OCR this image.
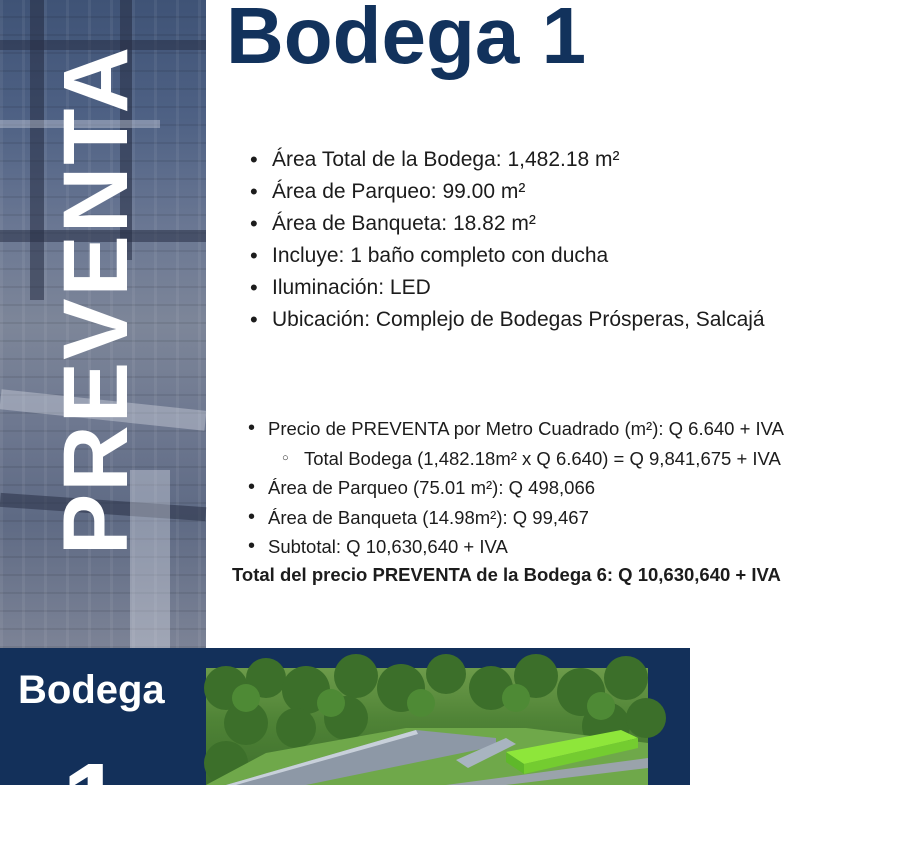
PREVENTA
Bodega 1
• Área Total de la Bodega: 1,482.18 m²
• Área de Parqueo: 99.00 m²
• Área de Banqueta: 18.82 m²
• Incluye: 1 baño completo con ducha
• Iluminación: LED
• Ubicación: Complejo de Bodegas Prósperas, Salcajá
• Precio de PREVENTA por Metro Cuadrado (m²): Q 6.640 + IVA
○ Total Bodega (1,482.18m² x Q 6.640) = Q 9,841,675 + IVA
• Área de Parqueo (75.01 m²): Q 498,066
• Área de Banqueta (14.98m²): Q 99,467
• Subtotal: Q 10,630,640 + IVA
Total del precio PREVENTA de la Bodega 6: Q 10,630,640 + IVA
Bodega
1
